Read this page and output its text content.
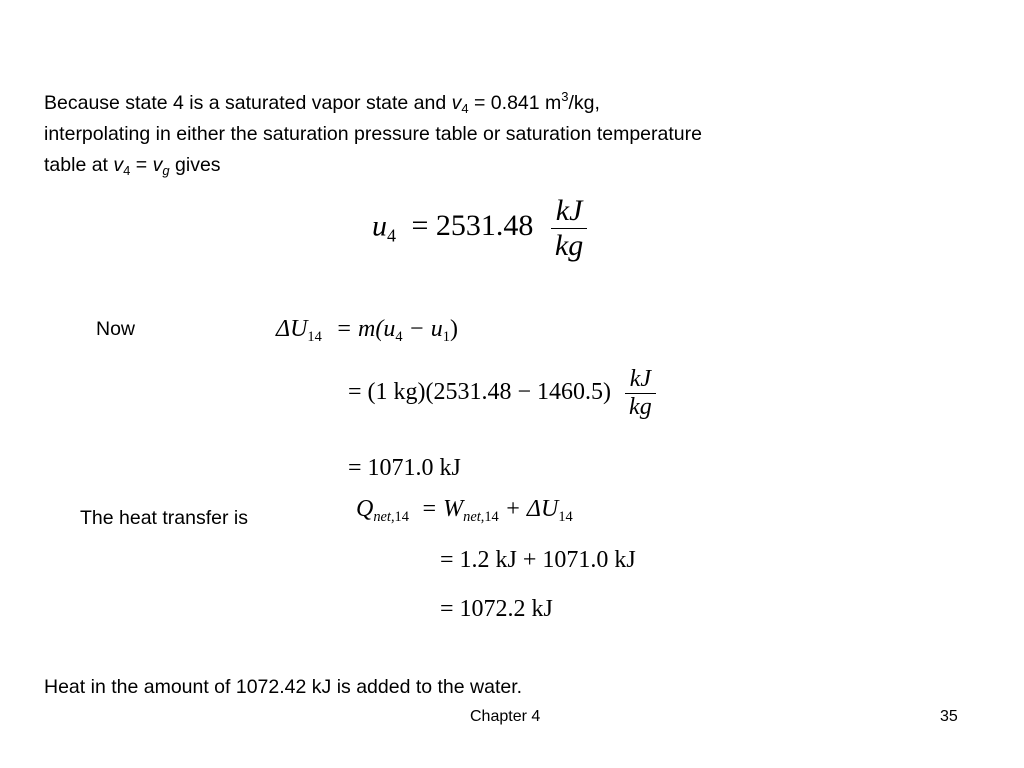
Because state 4 is a saturated vapor state and $v_4 = 0.841$ $m^3/kg$,
interpolating in either the saturation pressure table or saturation temperature
table at $v_4 = v_g$ gives
$u_4 = 2531.48 \frac{kJ}{kg}$
Now	$\Delta U_{14} = m(u_4 - u_1)$
= (1 $kg)(2531.48 - 1460.5) \frac{kJ}{kg}$
= 1071.0 kJ
The heat transfer is	$Q_{net,14} = W_{net,14} + \Delta U_{14}$
= 1.2 kJ + 1071.0 kJ
= 1072.2 kJ
Heat in the amount of 1072.42 kJ is added to the water.
Chapter 4	35
